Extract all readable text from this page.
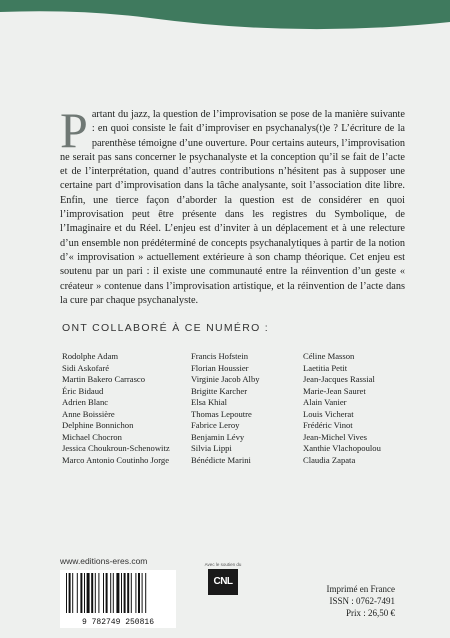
P artant du jazz, la question de l’improvisation se pose de la manière suivante : en quoi consiste le fait d’improviser en psychanalys(t)e ? L’écriture de la parenthèse témoigne d’une ouverture. Pour certains auteurs, l’improvisation ne serait pas sans concerner le psychanalyste et la conception qu’il se fait de l’acte et de l’interprétation, quand d’autres contributions n’hésitent pas à supposer une certaine part d’improvisation dans la tâche analysante, soit l’association dite libre. Enfin, une tierce façon d’aborder la question est de considérer en quoi l’improvisation peut être présente dans les registres du Symbolique, de l’Imaginaire et du Réel. L’enjeu est d’inviter à un déplacement et à une relecture d’un ensemble non prédéterminé de concepts psychanalytiques à partir de la notion d’« improvisation » actuellement extérieure à son champ théorique. Cet enjeu est soutenu par un pari : il existe une communauté entre la réinvention d’un geste « créateur » contenue dans l’improvisation artistique, et la réinvention de l’acte dans la cure par chaque psychanalyste.
ONT COLLABORÉ À CE NUMÉRO :
Rodolphe Adam
Sidi Askofaré
Martin Bakero Carrasco
Éric Bidaud
Adrien Blanc
Anne Boissière
Delphine Bonnichon
Michael Chocron
Jessica Choukroun-Schenowitz
Marco Antonio Coutinho Jorge
Francis Hofstein
Florian Houssier
Virginie Jacob Alby
Brigitte Karcher
Elsa Khial
Thomas Lepoutre
Fabrice Leroy
Benjamin Lévy
Silvia Lippi
Bénédicte Marini
Céline Masson
Laetitia Petit
Jean-Jacques Rassial
Marie-Jean Sauret
Alain Vanier
Louis Vicherat
Frédéric Vinot
Jean-Michel Vives
Xanthie Vlachopoulou
Claudia Zapata
www.editions-eres.com
9 782749 250816
Avec le soutien du
CNL
Imprimé en France
ISSN : 0762-7491
Prix : 26,50 €
